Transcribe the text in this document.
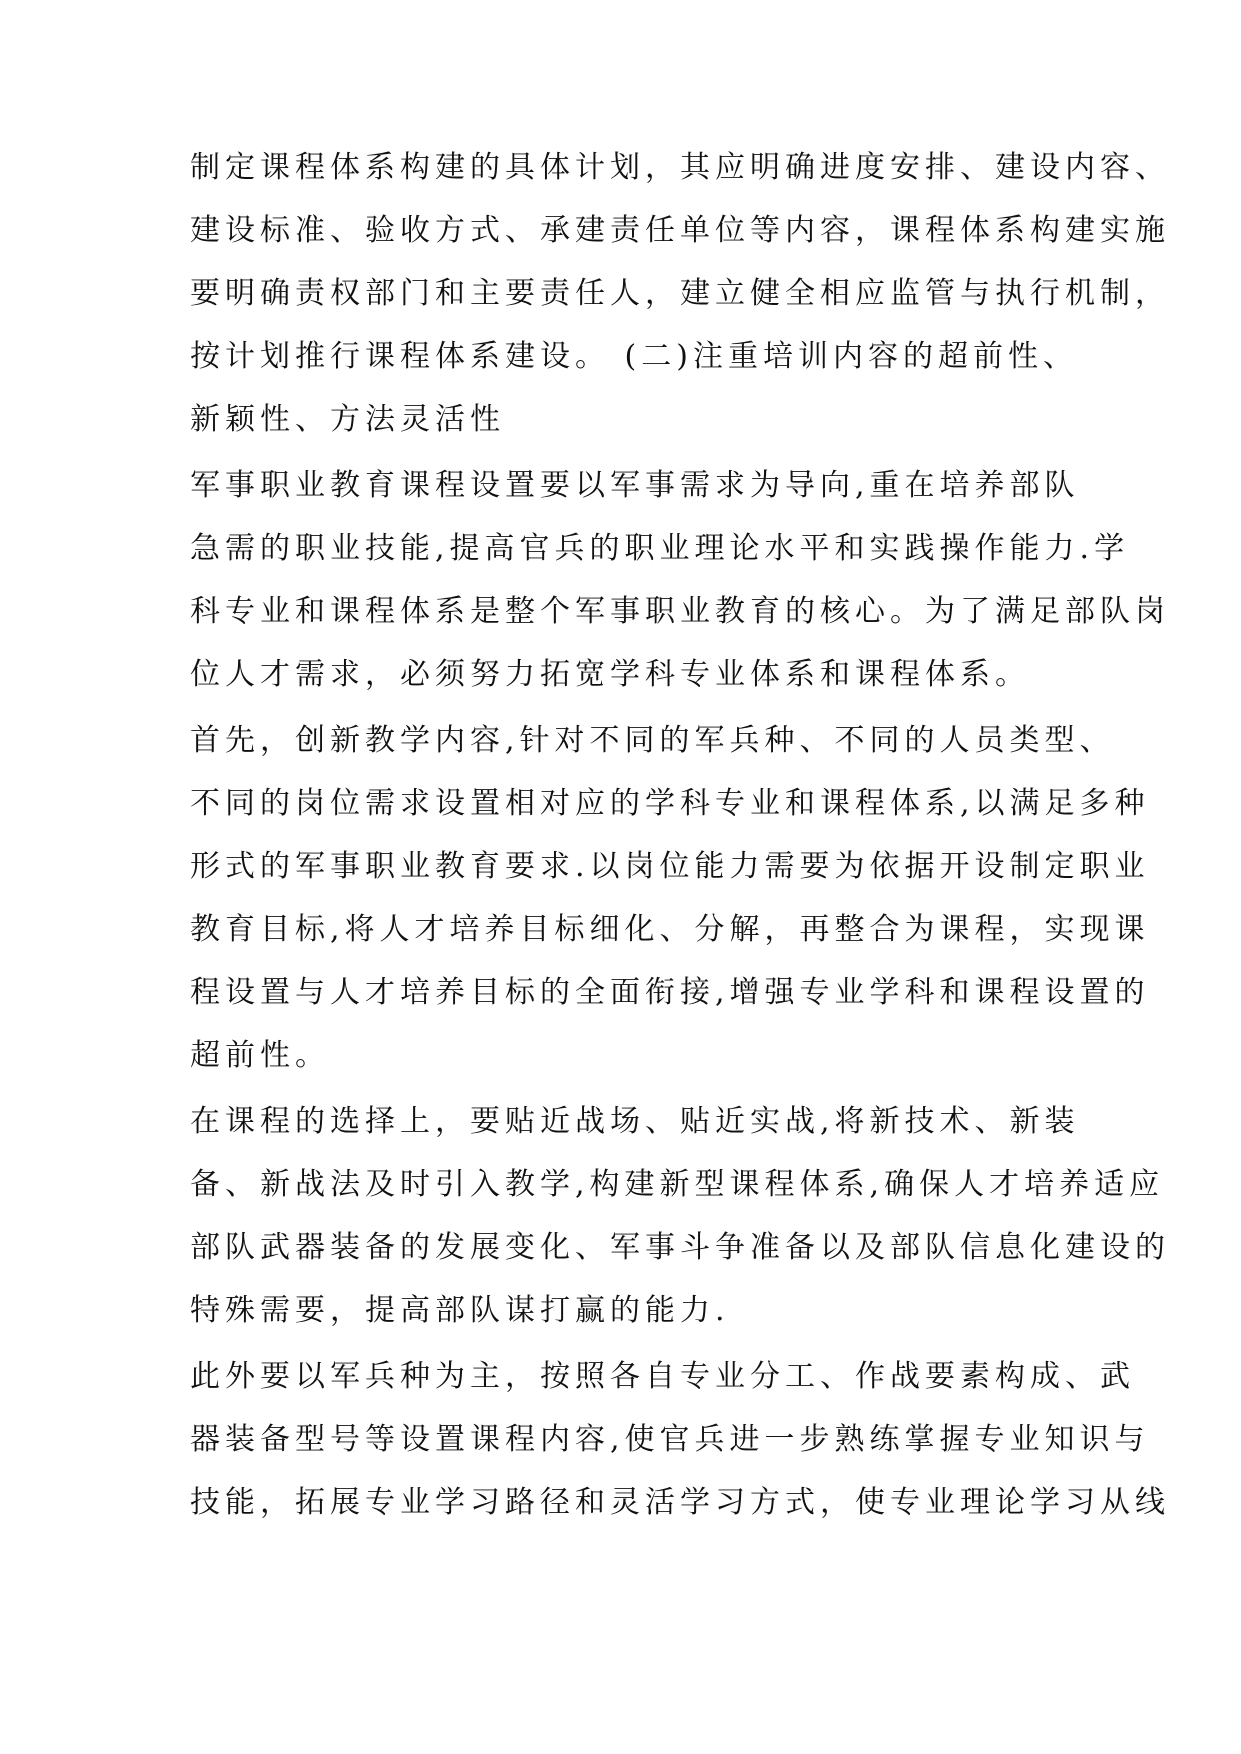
制定课程体系构建的具体计划，其应明确进度安排、建设内容、
建设标准、验收方式、承建责任单位等内容，课程体系构建实施
要明确责权部门和主要责任人，建立健全相应监管与执行机制，
按计划推行课程体系建设。 (二)注重培训内容的超前性、
新颖性、方法灵活性
军事职业教育课程设置要以军事需求为导向,重在培养部队
急需的职业技能,提高官兵的职业理论水平和实践操作能力.学
科专业和课程体系是整个军事职业教育的核心。为了满足部队岗
位人才需求，必须努力拓宽学科专业体系和课程体系。
首先，创新教学内容,针对不同的军兵种、不同的人员类型、
不同的岗位需求设置相对应的学科专业和课程体系,以满足多种
形式的军事职业教育要求.以岗位能力需要为依据开设制定职业
教育目标,将人才培养目标细化、分解，再整合为课程，实现课
程设置与人才培养目标的全面衔接,增强专业学科和课程设置的
超前性。
在课程的选择上，要贴近战场、贴近实战,将新技术、新装
备、新战法及时引入教学,构建新型课程体系,确保人才培养适应
部队武器装备的发展变化、军事斗争准备以及部队信息化建设的
特殊需要，提高部队谋打赢的能力.
此外要以军兵种为主，按照各自专业分工、作战要素构成、武
器装备型号等设置课程内容,使官兵进一步熟练掌握专业知识与
技能，拓展专业学习路径和灵活学习方式，使专业理论学习从线
